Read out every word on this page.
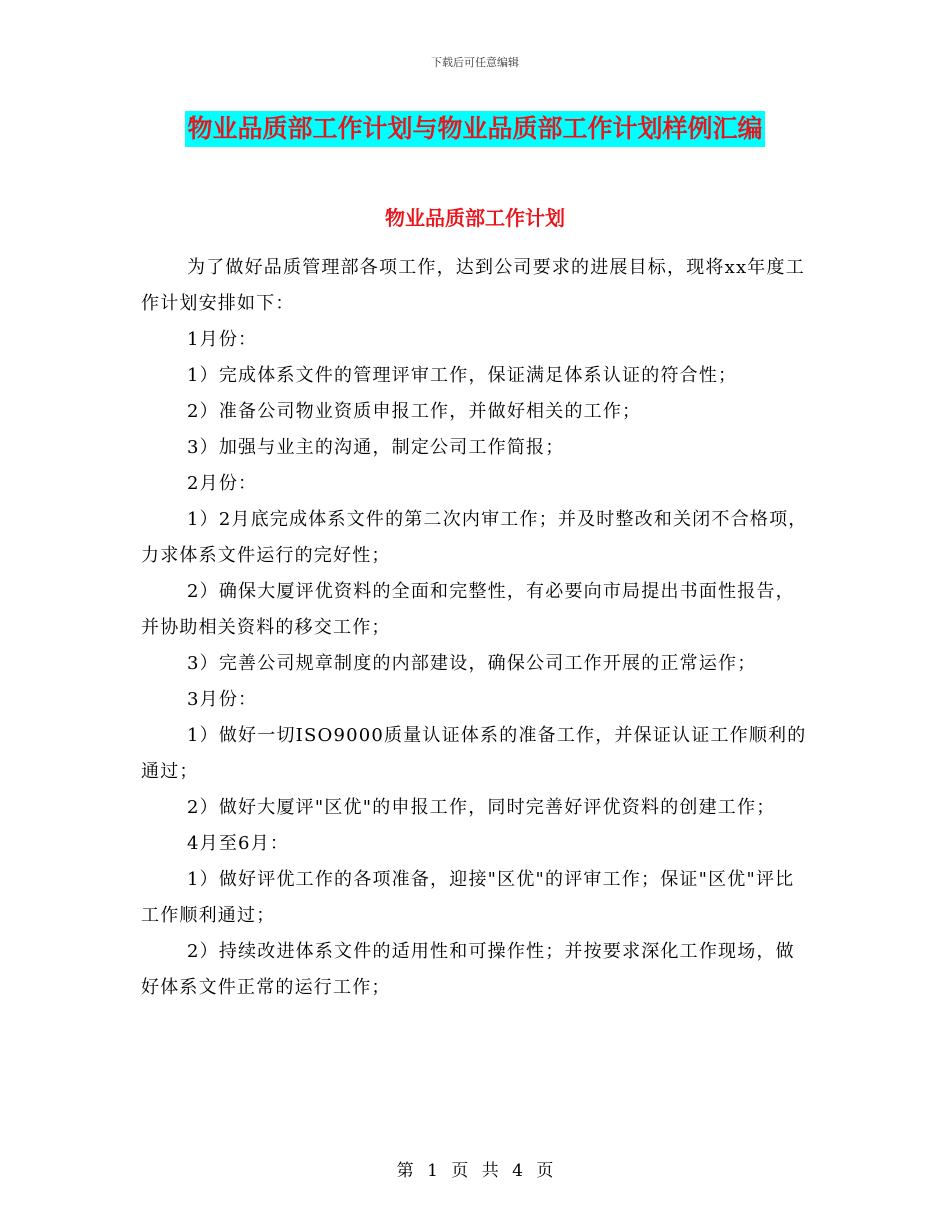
下载后可任意编辑
物业品质部工作计划与物业品质部工作计划样例汇编
物业品质部工作计划

为了做好品质管理部各项工作，达到公司要求的进展目标，现将xx年度工作计划安排如下：

1月份：

1）完成体系文件的管理评审工作，保证满足体系认证的符合性；

2）准备公司物业资质申报工作，并做好相关的工作；

3）加强与业主的沟通，制定公司工作简报；

2月份：

1）2月底完成体系文件的第二次内审工作；并及时整改和关闭不合格项，力求体系文件运行的完好性；

2）确保大厦评优资料的全面和完整性，有必要向市局提出书面性报告，并协助相关资料的移交工作；

3）完善公司规章制度的内部建设，确保公司工作开展的正常运作；

3月份：

1）做好一切ISO9000质量认证体系的准备工作，并保证认证工作顺利的通过；

2）做好大厦评"区优"的申报工作，同时完善好评优资料的创建工作；

4月至6月：

1）做好评优工作的各项准备，迎接"区优"的评审工作；保证"区优"评比工作顺利通过；

2）持续改进体系文件的适用性和可操作性；并按要求深化工作现场，做好体系文件正常的运行工作；

第 1 页 共 4 页
